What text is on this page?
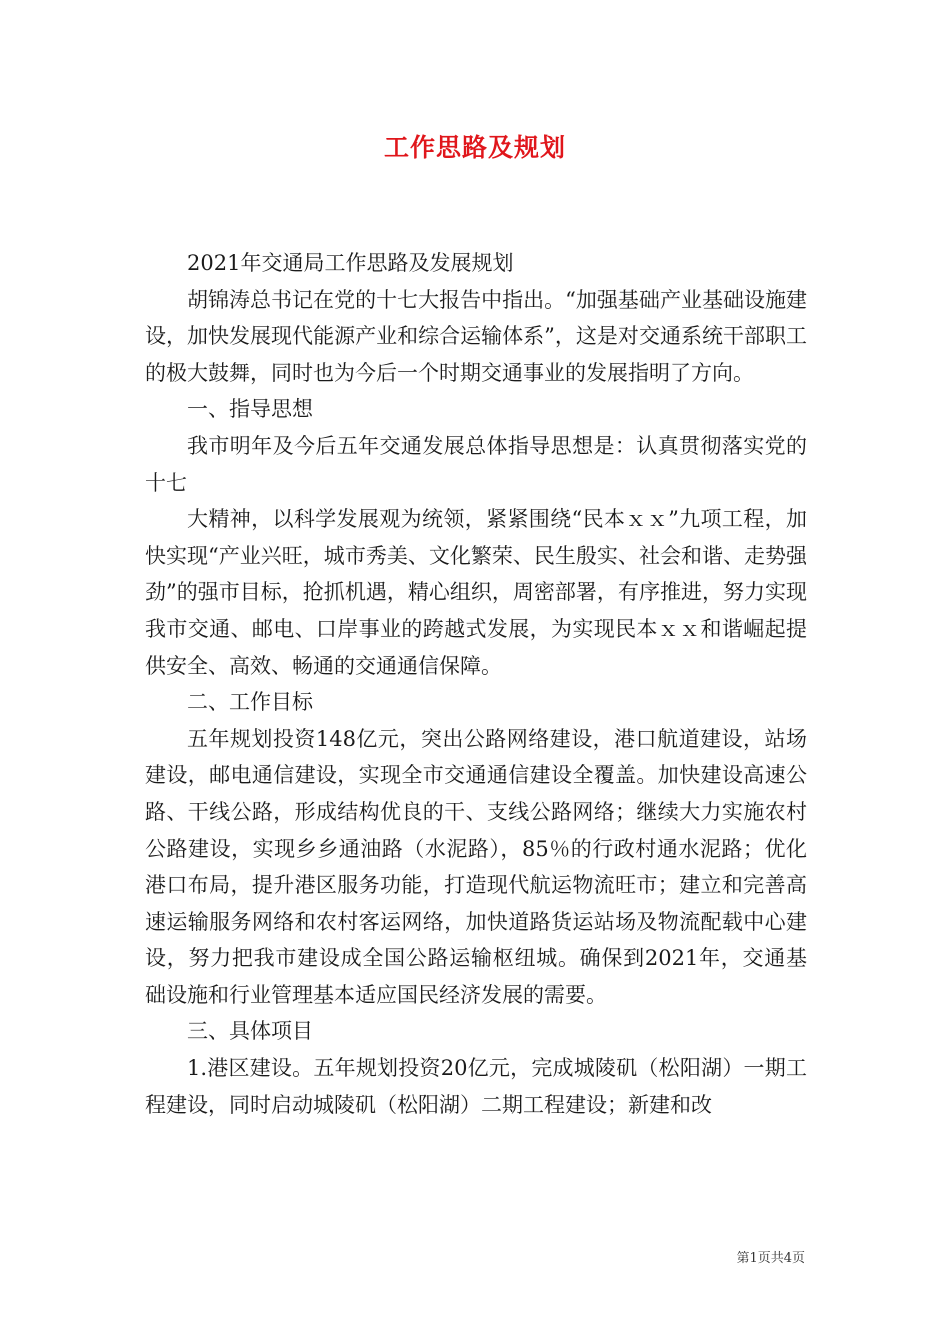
工作思路及规划

2021年交通局工作思路及发展规划

胡锦涛总书记在党的十七大报告中指出。“加强基础产业基础设施建设，加快发展现代能源产业和综合运输体系”，这是对交通系统干部职工的极大鼓舞，同时也为今后一个时期交通事业的发展指明了方向。

一、指导思想

我市明年及今后五年交通发展总体指导思想是：认真贯彻落实党的十七

大精神，以科学发展观为统领，紧紧围绕“民本ｘｘ”九项工程，加快实现“产业兴旺，城市秀美、文化繁荣、民生殷实、社会和谐、走势强劲”的强市目标，抢抓机遇，精心组织，周密部署，有序推进，努力实现我市交通、邮电、口岸事业的跨越式发展，为实现民本ｘｘ和谐崛起提供安全、高效、畅通的交通通信保障。

二、工作目标

五年规划投资148亿元，突出公路网络建设，港口航道建设，站场建设，邮电通信建设，实现全市交通通信建设全覆盖。加快建设高速公路、干线公路，形成结构优良的干、支线公路网络；继续大力实施农村公路建设，实现乡乡通油路（水泥路），85％的行政村通水泥路；优化港口布局，提升港区服务功能，打造现代航运物流旺市；建立和完善高速运输服务网络和农村客运网络，加快道路货运站场及物流配载中心建设，努力把我市建设成全国公路运输枢纽城。确保到2021年，交通基础设施和行业管理基本适应国民经济发展的需要。

三、具体项目

1.港区建设。五年规划投资20亿元，完成城陵矶（松阳湖）一期工程建设，同时启动城陵矶（松阳湖）二期工程建设；新建和改

第1页共4页
